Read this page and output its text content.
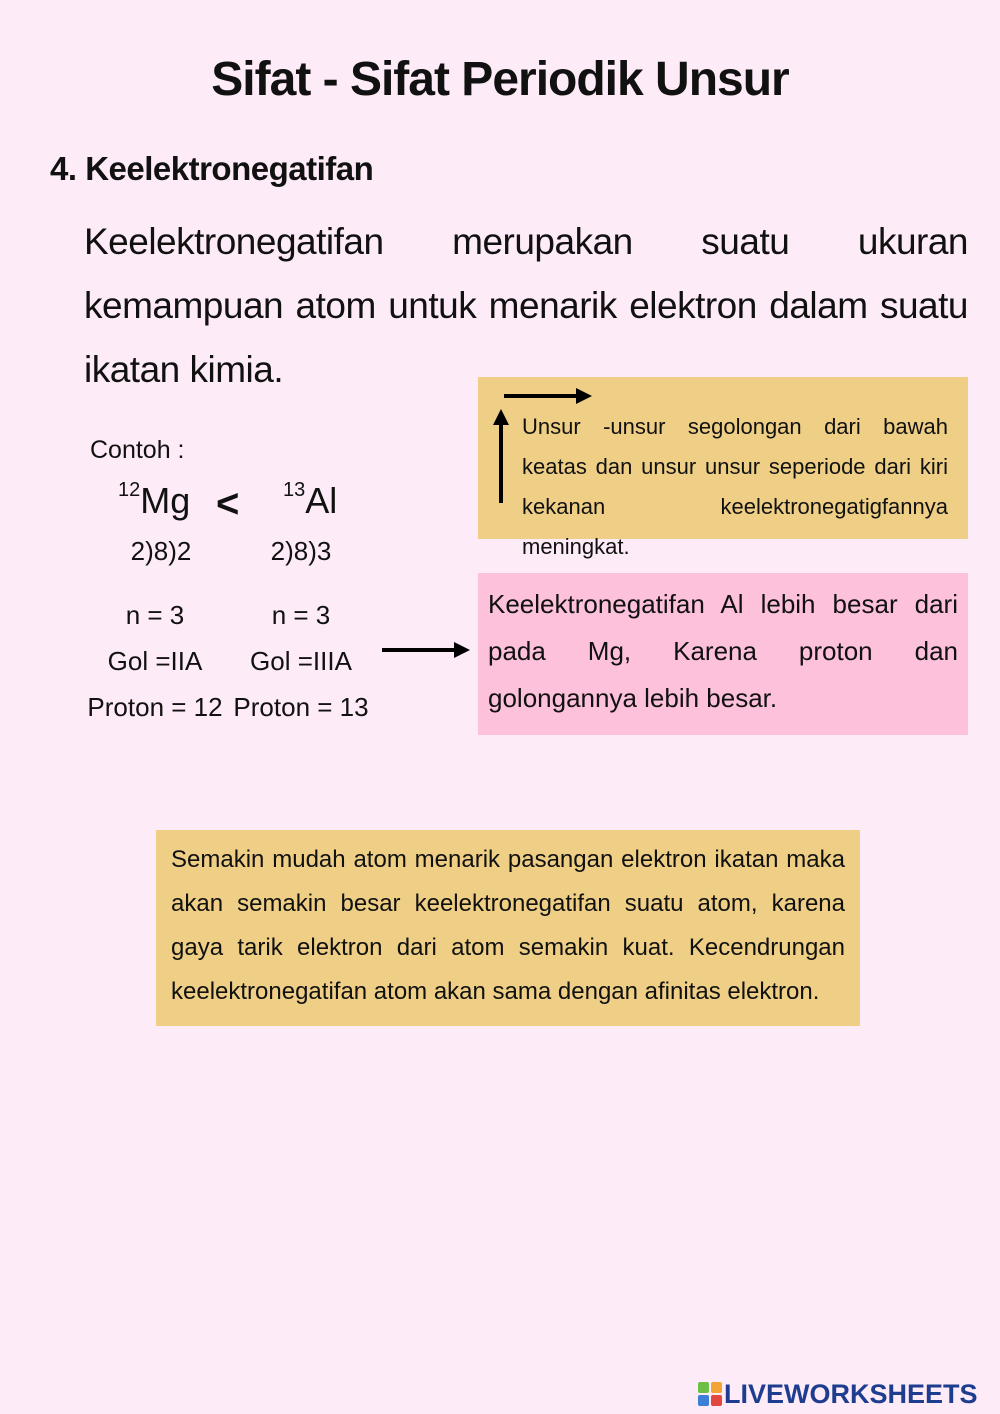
Sifat - Sifat Periodik Unsur
4. Keelektronegatifan
Keelektronegatifan merupakan suatu ukuran kemampuan atom untuk menarik elektron dalam suatu ikatan kimia.
Contoh :
$^{12}$Mg < $^{13}$Al
2)8)2	2)8)3
n = 3	n = 3
Gol =IIA	Gol =IIIA
Proton = 12 Proton = 13
Unsur -unsur segolongan dari bawah keatas dan unsur unsur seperiode dari kiri kekanan keelektronegatigfannya meningkat.
Keelektronegatifan Al lebih besar dari pada Mg, Karena proton dan golongannya lebih besar.
Semakin mudah atom menarik pasangan elektron ikatan maka akan semakin besar keelektronegatifan suatu atom, karena gaya tarik elektron dari atom semakin kuat. Kecendrungan keelektronegatifan atom akan sama dengan afinitas elektron.
LIVEWORKSHEETS
